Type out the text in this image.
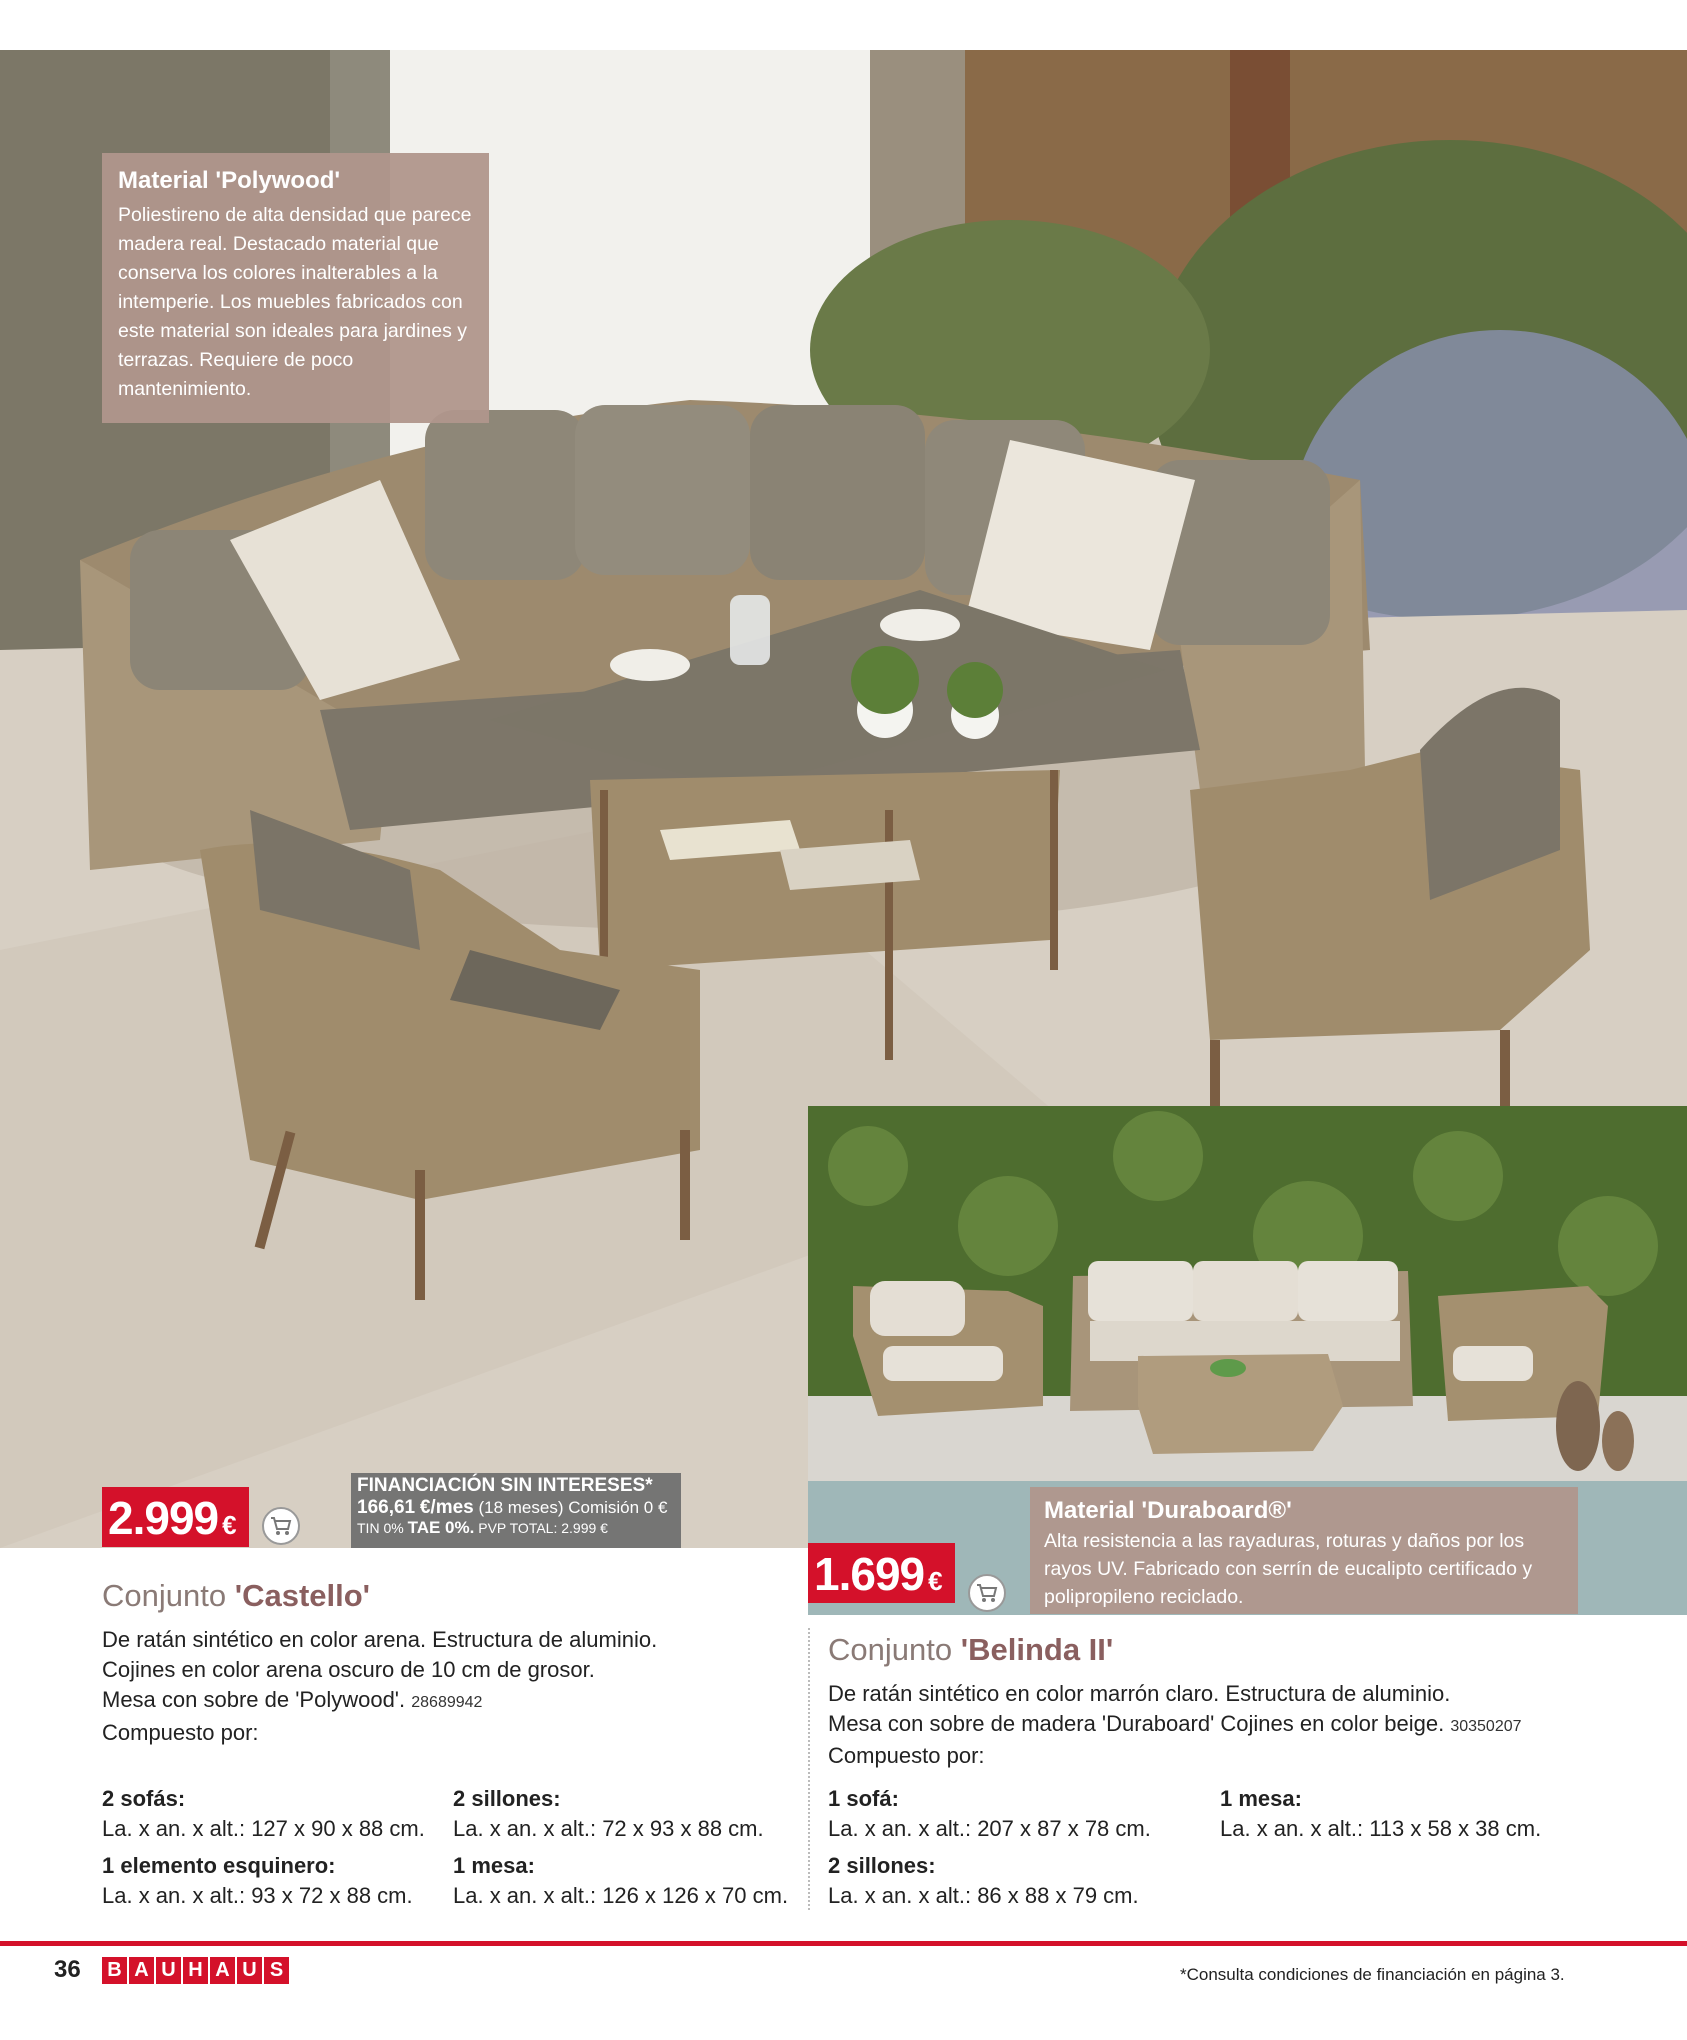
Material 'Polywood'
Poliestireno de alta densidad que parece madera real. Destacado material que conserva los colores inalterables a la intemperie. Los muebles fabricados con este material son ideales para jardines y terrazas. Requiere de poco mantenimiento.
Material 'Duraboard®'
Alta resistencia a las rayaduras, roturas y daños por los rayos UV. Fabricado con serrín de eucalipto certificado y polipropileno reciclado.
2.999 €
FINANCIACIÓN SIN INTERESES*
166,61 €/mes (18 meses) Comisión 0 €
TIN 0% TAE 0%. PVP TOTAL: 2.999 €
1.699 €
Conjunto 'Castello'
De ratán sintético en color arena. Estructura de aluminio.
Cojines en color arena oscuro de 10 cm de grosor.
Mesa con sobre de 'Polywood'. 28689942
Compuesto por:
2 sofás:
La. x an. x alt.: 127 x 90 x 88 cm.
2 sillones:
La. x an. x alt.: 72 x 93 x 88 cm.
1 elemento esquinero:
La. x an. x alt.: 93 x 72 x 88 cm.
1 mesa:
La. x an. x alt.: 126 x 126 x 70 cm.
Conjunto 'Belinda II'
De ratán sintético en color marrón claro. Estructura de aluminio.
Mesa con sobre de madera 'Duraboard' Cojines en color beige. 30350207
Compuesto por:
1 sofá:
La. x an. x alt.: 207 x 87 x 78 cm.
1 mesa:
La. x an. x alt.: 113 x 58 x 38 cm.
2 sillones:
La. x an. x alt.: 86 x 88 x 79 cm.
36 B A U H A U S	*Consulta condiciones de financiación en página 3.
